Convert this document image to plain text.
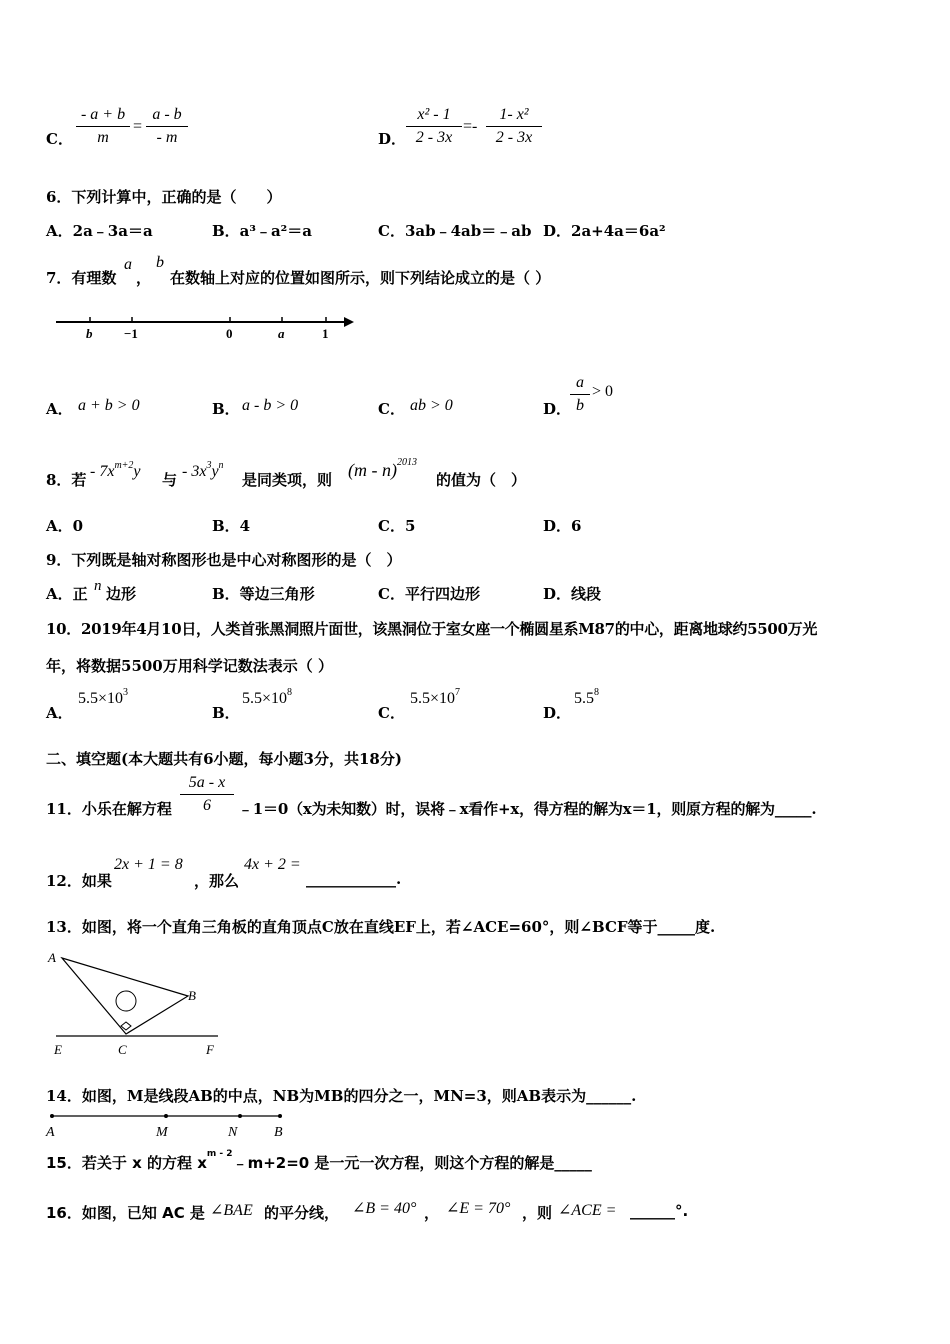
C． $\frac{- a + b}{m} = \frac{a - b}{- m}$	D． $\frac{\text{x² - 1}}{2 - 3x} =- \frac{\text{1- x²}}{2 - 3x}$
6．下列计算中，正确的是（　　）
A．2a﹣3a＝a	B．a³﹣a²＝a	C．3ab﹣4ab＝﹣ab D．2a+4a＝6a²
7．有理数
a
，
b
在数轴上对应的位置如图所示，则下列结论成立的是（ ）
b −1	0	a	1
A． a + b > 0	B． a - b > 0	C． ab > 0	D．
$\frac{a}{b} > 0$
8．若 - $7x^{m+2}y$ 与 - $3x^3y^n$
是同类项，则 (m - n)$^{2013}$
的值为（　）
A．0	B．4	C．5	D．6
9．下列既是轴对称图形也是中心对称图形的是（　）
A．正 n 边形	B．等边三角形	C．平行四边形	D．线段
10．2019年4月10日，人类首张黑洞照片面世，该黑洞位于室女座一个椭圆星系M87的中心，距离地球约5500万光
年，将数据5500万用科学记数法表示（ ）
A．
$5.5\times 10^3$
B．
$5.5\times 10^8$
C．
$5.5\times 10^7$
D．
$5.5^8$
二、填空题(本大题共有6小题，每小题3分，共18分)
11．小乐在解方程 $\frac{5a - x}{6}$ ﹣1＝0（x为未知数）时，误将﹣x看作+x，得方程的解为x＝1，则原方程的解为_____.
12．如果
2x + 1 = 8
，那么
4x + 2 =
____________.
13．如图，将一个直角三角板的直角顶点C放在直线EF上，若∠ACE=60°，则∠BCF等于_____度.
A
B
E	C	F
14．如图，M是线段AB的中点，NB为MB的四分之一，MN=3，则AB表示为______.
A	M	N	B
15．若关于 x 的方程 $x^{m - 2}﹣m+2=0$ 是一元一次方程，则这个方程的解是_____
16．如图，已知 AC 是 ∠BAE 的平分线， ∠B = 40° ， ∠E = 70° ，则 ∠ACE = ______°.
